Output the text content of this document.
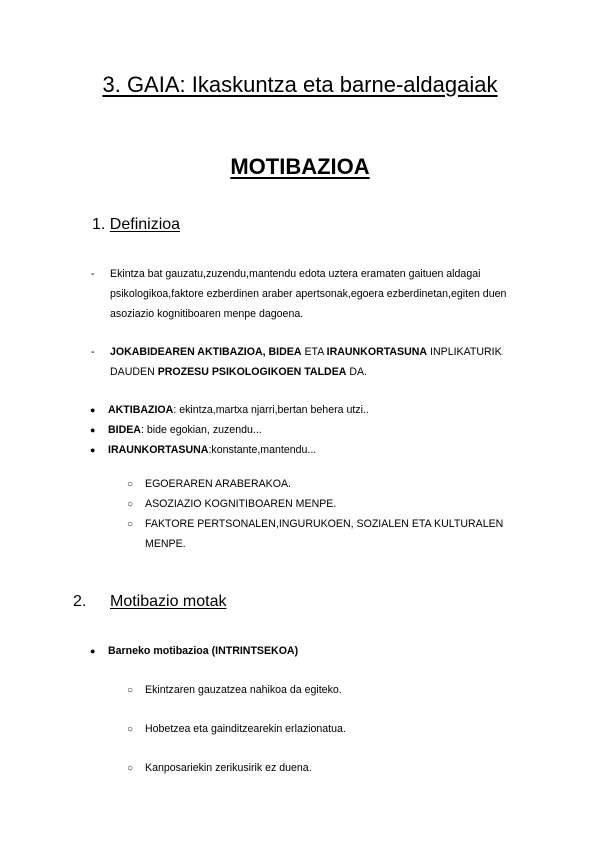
3. GAIA: Ikaskuntza eta barne-aldagaiak
MOTIBAZIOA
1. Definizioa
- Ekintza bat gauzatu,zuzendu,mantendu edota uztera eramaten gaituen aldagai
psikologikoa,faktore ezberdinen araber apertsonak,egoera ezberdinetan,egiten duen
asoziazio kognitiboaren menpe dagoena.
- JOKABIDEAREN AKTIBAZIOA, BIDEA ETA IRAUNKORTASUNA INPLIKATURIK
DAUDEN PROZESU PSIKOLOGIKOEN TALDEA DA.
● AKTIBAZIOA: ekintza,martxa njarri,bertan behera utzi..
● BIDEA: bide egokian, zuzendu...
● IRAUNKORTASUNA:konstante,mantendu...
○ EGOERAREN ARABERAKOA.
○ ASOZIAZIO KOGNITIBOAREN MENPE.
○ FAKTORE PERTSONALEN,INGURUKOEN, SOZIALEN ETA KULTURALEN
MENPE.
2. Motibazio motak
● Barneko motibazioa (INTRINTSEKOA)
○ Ekintzaren gauzatzea nahikoa da egiteko.
○ Hobetzea eta gainditzearekin erlazionatua.
○ Kanposariekin zerikusirik ez duena.
